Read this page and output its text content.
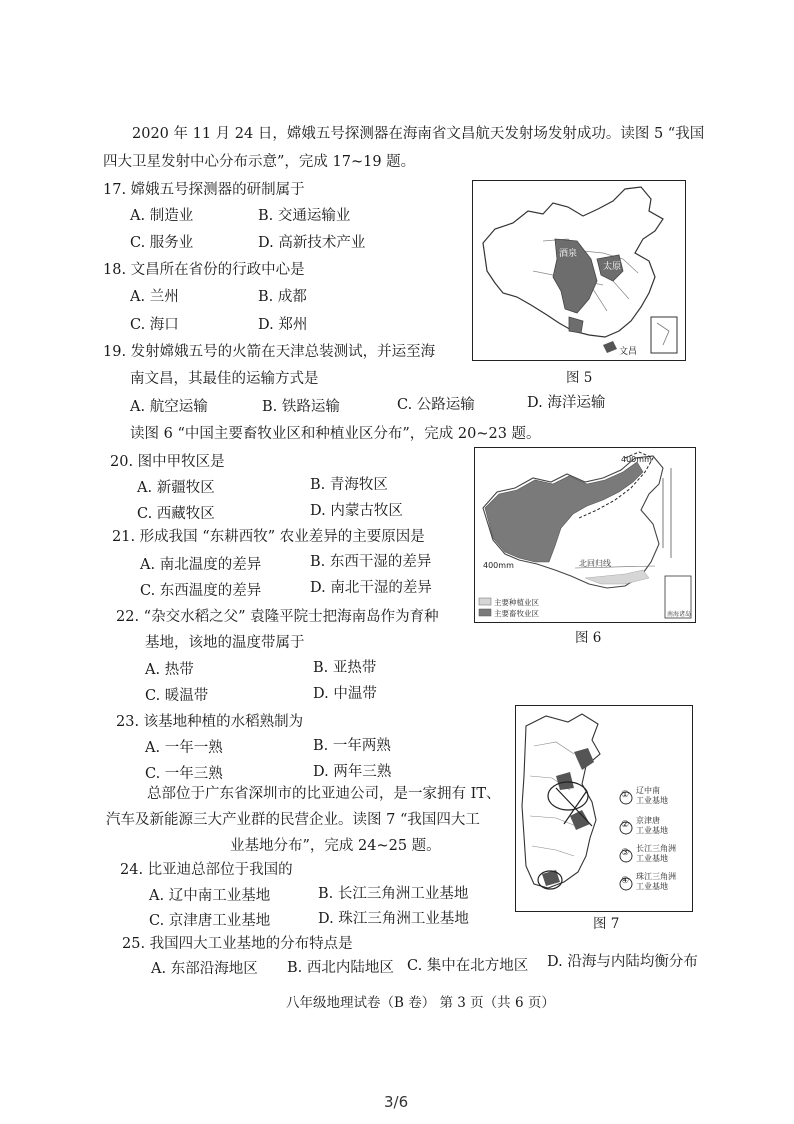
2020 年 11 月 24 日，嫦娥五号探测器在海南省文昌航天发射场发射成功。读图 5 “我国
四大卫星发射中心分布示意”，完成 17~19 题。
17. 嫦娥五号探测器的研制属于
A. 制造业	B. 交通运输业
C. 服务业	D. 高新技术产业
18. 文昌所在省份的行政中心是
A. 兰州	B. 成都
C. 海口	D. 郑州
19. 发射嫦娥五号的火箭在天津总装测试，并运至海
南文昌，其最佳的运输方式是
A. 航空运输	B. 铁路运输	C. 公路运输	D. 海洋运输
酒泉
太原
文昌
图 5
读图 6 “中国主要畜牧业区和种植业区分布”，完成 20~23 题。
20. 图中甲牧区是
A. 新疆牧区	B. 青海牧区
C. 西藏牧区	D. 内蒙古牧区
21. 形成我国 “东耕西牧” 农业差异的主要原因是
A. 南北温度的差异	B. 东西干湿的差异
C. 东西温度的差异	D. 南北干湿的差异
22. “杂交水稻之父” 袁隆平院士把海南岛作为育种
基地，该地的温度带属于
A. 热带	B. 亚热带
C. 暖温带	D. 中温带
400mm
400mm	北回归线
主要种植业区
主要畜牧业区	南海诸岛
图 6
23. 该基地种植的水稻熟制为
A. 一年一熟	B. 一年两熟
C. 一年三熟	D. 两年三熟
总部位于广东省深圳市的比亚迪公司，是一家拥有 IT、
汽车及新能源三大产业群的民营企业。读图 7 “我国四大工
业基地分布”，完成 24~25 题。
辽中南
工业基地
京津唐
工业基地
长江三角洲
工业基地
珠江三角洲
工业基地
①
②
③
④
图 7
24. 比亚迪总部位于我国的
A. 辽中南工业基地	B. 长江三角洲工业基地
C. 京津唐工业基地	D. 珠江三角洲工业基地
25. 我国四大工业基地的分布特点是
A. 东部沿海地区 B. 西北内陆地区 C. 集中在北方地区 D. 沿海与内陆均衡分布
八年级地理试卷（B 卷） 第 3 页（共 6 页）
3/6
